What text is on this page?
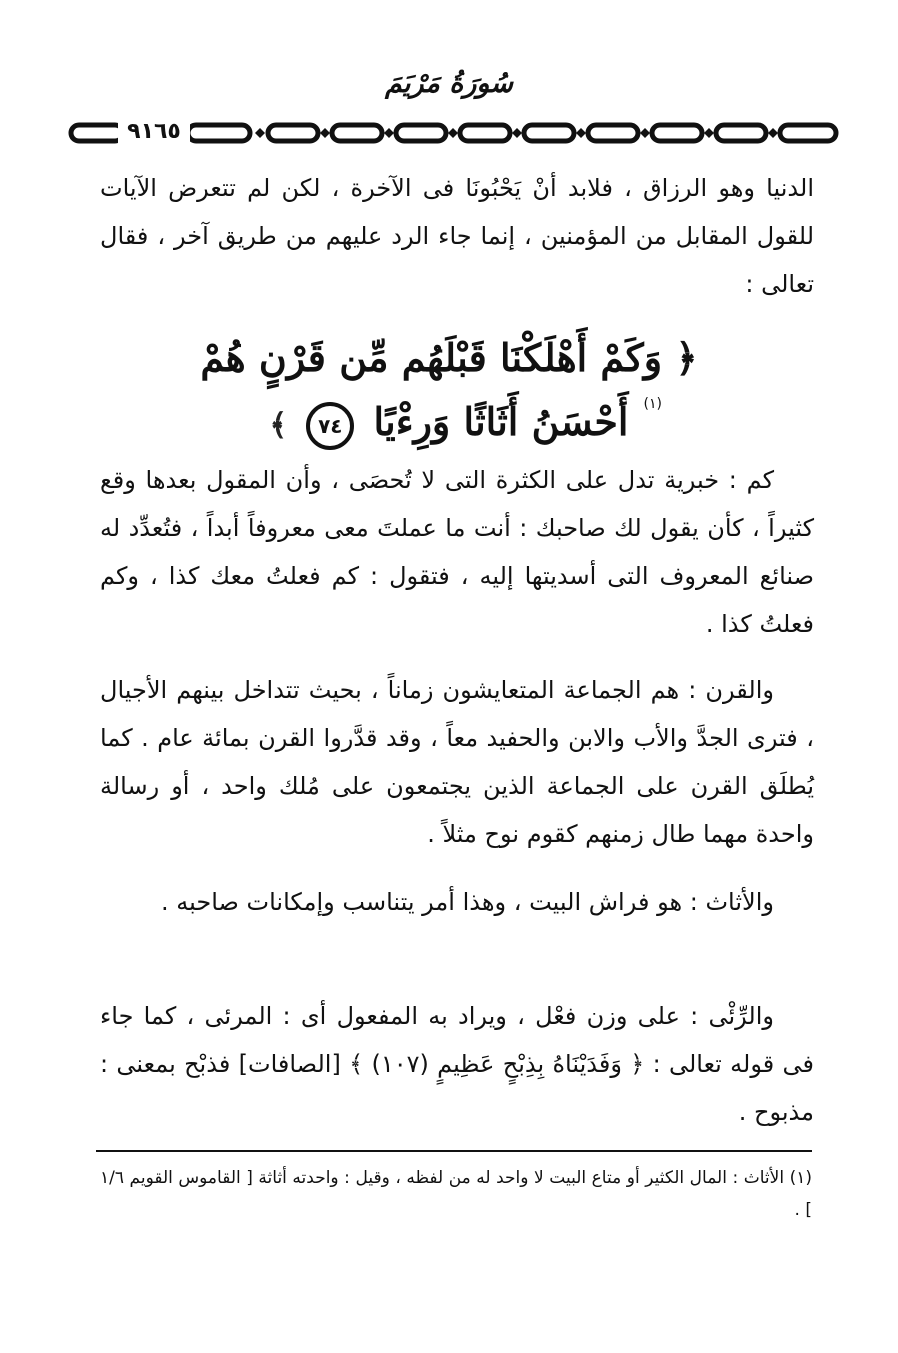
سُورَةُ مَرْيَمَ
٩١٦٥
الدنيا وهو الرزاق ، فلابد أنْ يَحْبُونَا فى الآخرة ، لكن لم تتعرض الآيات للقول المقابل من المؤمنين ، إنما جاء الرد عليهم من طريق آخر ، فقال تعالى :
﴿ وَكَمْ أَهْلَكْنَا قَبْلَهُم مِّن قَرْنٍ هُمْ
(١)
أَحْسَنُ أَثَاثًا وَرِءْيًا ٧٤ ﴾
كم : خبرية تدل على الكثرة التى لا تُحصَى ، وأن المقول بعدها وقع كثيراً ، كأن يقول لك صاحبك : أنت ما عملتَ معى معروفاً أبداً ، فتُعدِّد له صنائع المعروف التى أسديتها إليه ، فتقول : كم فعلتُ معك كذا ، وكم فعلتُ كذا .
والقرن : هم الجماعة المتعايشون زماناً ، بحيث تتداخل بينهم الأجيال ، فترى الجدَّ والأب والابن والحفيد معاً ، وقد قدَّروا القرن بمائة عام . كما يُطلَق القرن على الجماعة الذين يجتمعون على مُلك واحد ، أو رسالة واحدة مهما طال زمنهم كقوم نوح مثلاً .
والأثاث : هو فراش البيت ، وهذا أمر يتناسب وإمكانات صاحبه .
والرِّئْى : على وزن فعْل ، ويراد به المفعول أى : المرئى ، كما جاء فى قوله تعالى : ﴿ وَفَدَيْنَاهُ بِذِبْحٍ عَظِيمٍ (١٠٧) ﴾ [الصافات] فذبْح بمعنى : مذبوح .
(١) الأثاث : المال الكثير أو متاع البيت لا واحد له من لفظه ، وقيل : واحدته أثاثة [ القاموس القويم ١/٦ ] .
